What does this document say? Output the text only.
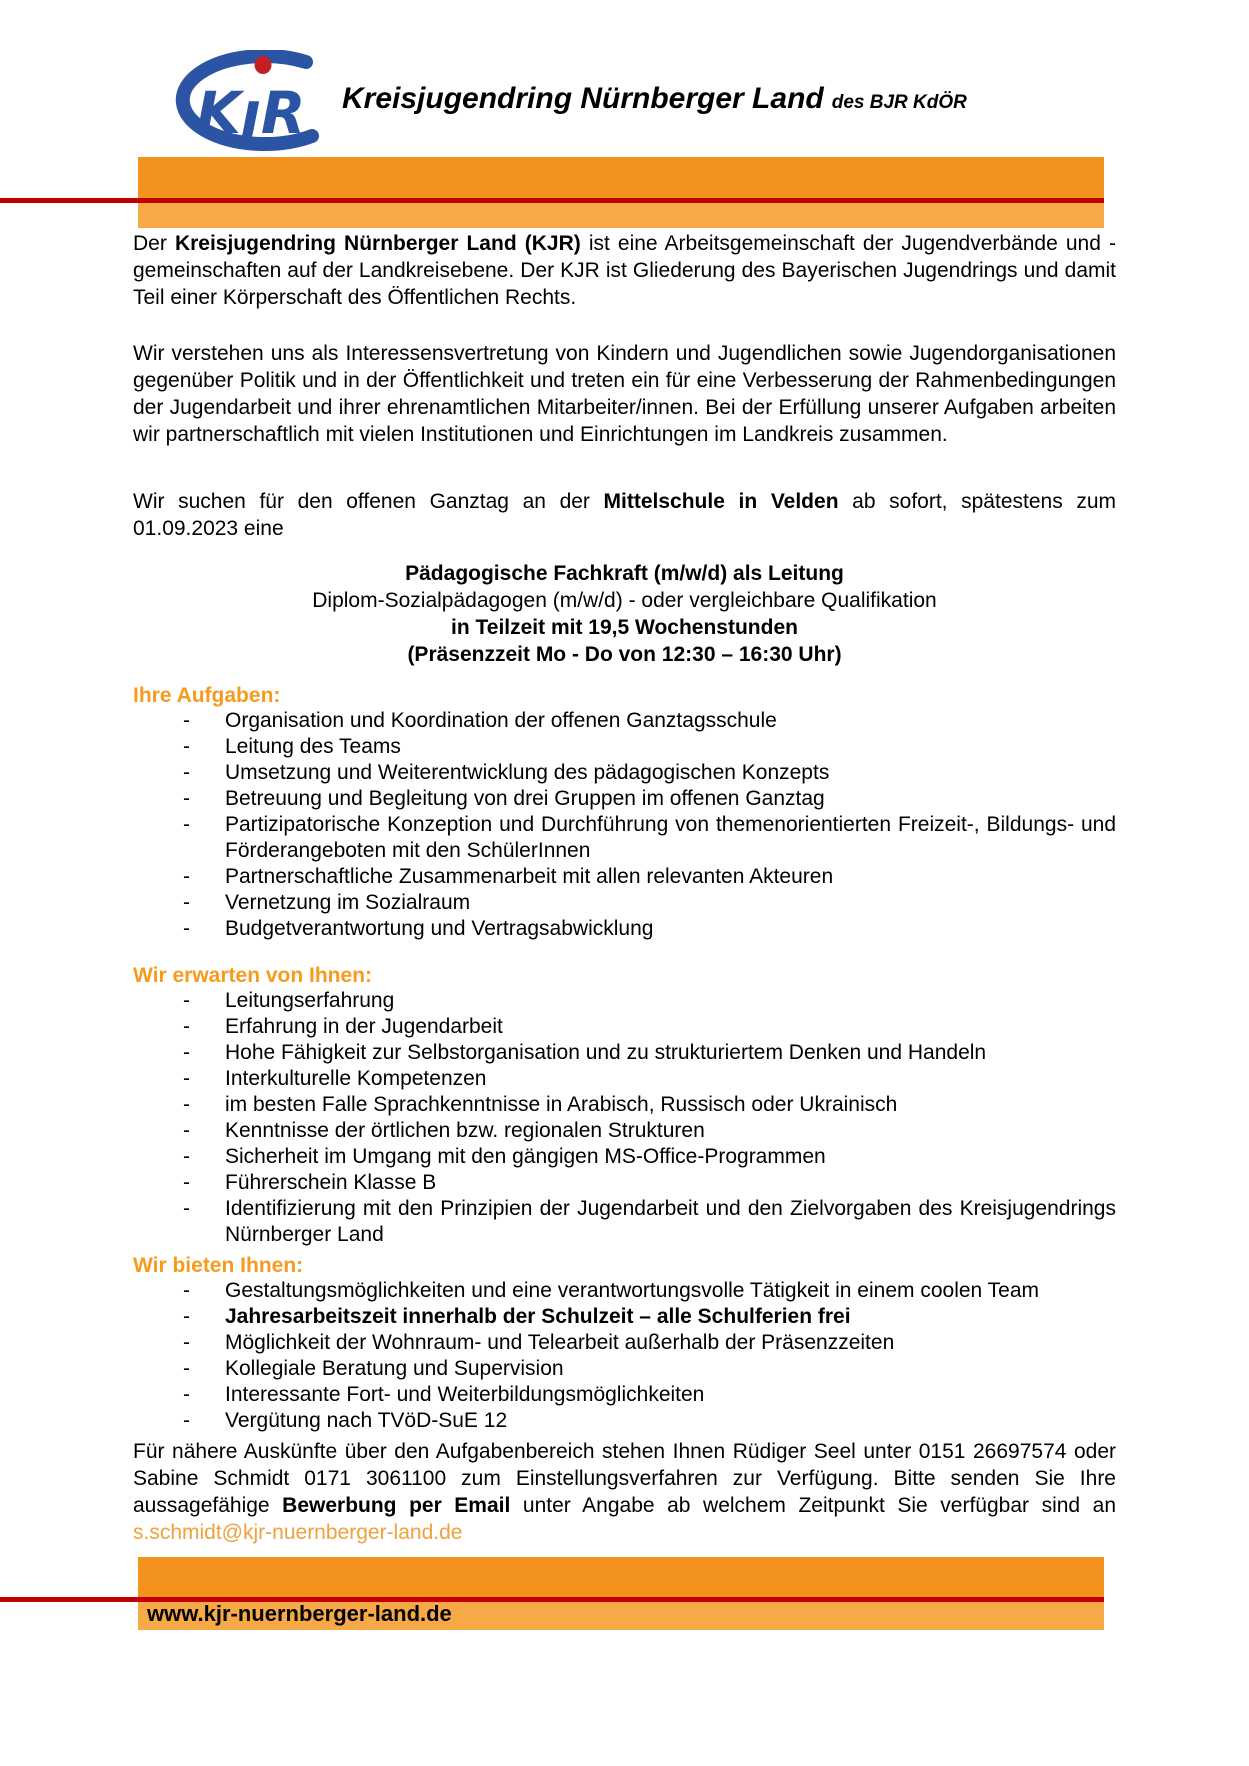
KȷR Kreisjugendring Nürnberger Land des BJR KdÖR
Der Kreisjugendring Nürnberger Land (KJR) ist eine Arbeitsgemeinschaft der Jugendverbände und -gemeinschaften auf der Landkreisebene. Der KJR ist Gliederung des Bayerischen Jugendrings und damit Teil einer Körperschaft des Öffentlichen Rechts.
Wir verstehen uns als Interessensvertretung von Kindern und Jugendlichen sowie Jugendorganisationen gegenüber Politik und in der Öffentlichkeit und treten ein für eine Verbesserung der Rahmenbedingungen der Jugendarbeit und ihrer ehrenamtlichen Mitarbeiter/innen. Bei der Erfüllung unserer Aufgaben arbeiten wir partnerschaftlich mit vielen Institutionen und Einrichtungen im Landkreis zusammen.
Wir suchen für den offenen Ganztag an der Mittelschule in Velden ab sofort, spätestens zum 01.09.2023 eine
Pädagogische Fachkraft (m/w/d) als Leitung
Diplom-Sozialpädagogen (m/w/d) - oder vergleichbare Qualifikation
in Teilzeit mit 19,5 Wochenstunden
(Präsenzzeit Mo - Do von 12:30 – 16:30 Uhr)
Ihre Aufgaben:
-	Organisation und Koordination der offenen Ganztagsschule
-	Leitung des Teams
-	Umsetzung und Weiterentwicklung des pädagogischen Konzepts
-	Betreuung und Begleitung von drei Gruppen im offenen Ganztag
-	Partizipatorische Konzeption und Durchführung von themenorientierten Freizeit-, Bildungs- und Förderangeboten mit den SchülerInnen
-	Partnerschaftliche Zusammenarbeit mit allen relevanten Akteuren
-	Vernetzung im Sozialraum
-	Budgetverantwortung und Vertragsabwicklung
Wir erwarten von Ihnen:
-	Leitungserfahrung
-	Erfahrung in der Jugendarbeit
-	Hohe Fähigkeit zur Selbstorganisation und zu strukturiertem Denken und Handeln
-	Interkulturelle Kompetenzen
-	im besten Falle Sprachkenntnisse in Arabisch, Russisch oder Ukrainisch
-	Kenntnisse der örtlichen bzw. regionalen Strukturen
-	Sicherheit im Umgang mit den gängigen MS-Office-Programmen
-	Führerschein Klasse B
-	Identifizierung mit den Prinzipien der Jugendarbeit und den Zielvorgaben des Kreisjugendrings Nürnberger Land
Wir bieten Ihnen:
-	Gestaltungsmöglichkeiten und eine verantwortungsvolle Tätigkeit in einem coolen Team
-	Jahresarbeitszeit innerhalb der Schulzeit – alle Schulferien frei
-	Möglichkeit der Wohnraum- und Telearbeit außerhalb der Präsenzzeiten
-	Kollegiale Beratung und Supervision
-	Interessante Fort- und Weiterbildungsmöglichkeiten
-	Vergütung nach TVöD-SuE 12
Für nähere Auskünfte über den Aufgabenbereich stehen Ihnen Rüdiger Seel unter 0151 26697574 oder Sabine Schmidt 0171 3061100 zum Einstellungsverfahren zur Verfügung. Bitte senden Sie Ihre aussagefähige Bewerbung per Email unter Angabe ab welchem Zeitpunkt Sie verfügbar sind an s.schmidt@kjr-nuernberger-land.de
www.kjr-nuernberger-land.de
